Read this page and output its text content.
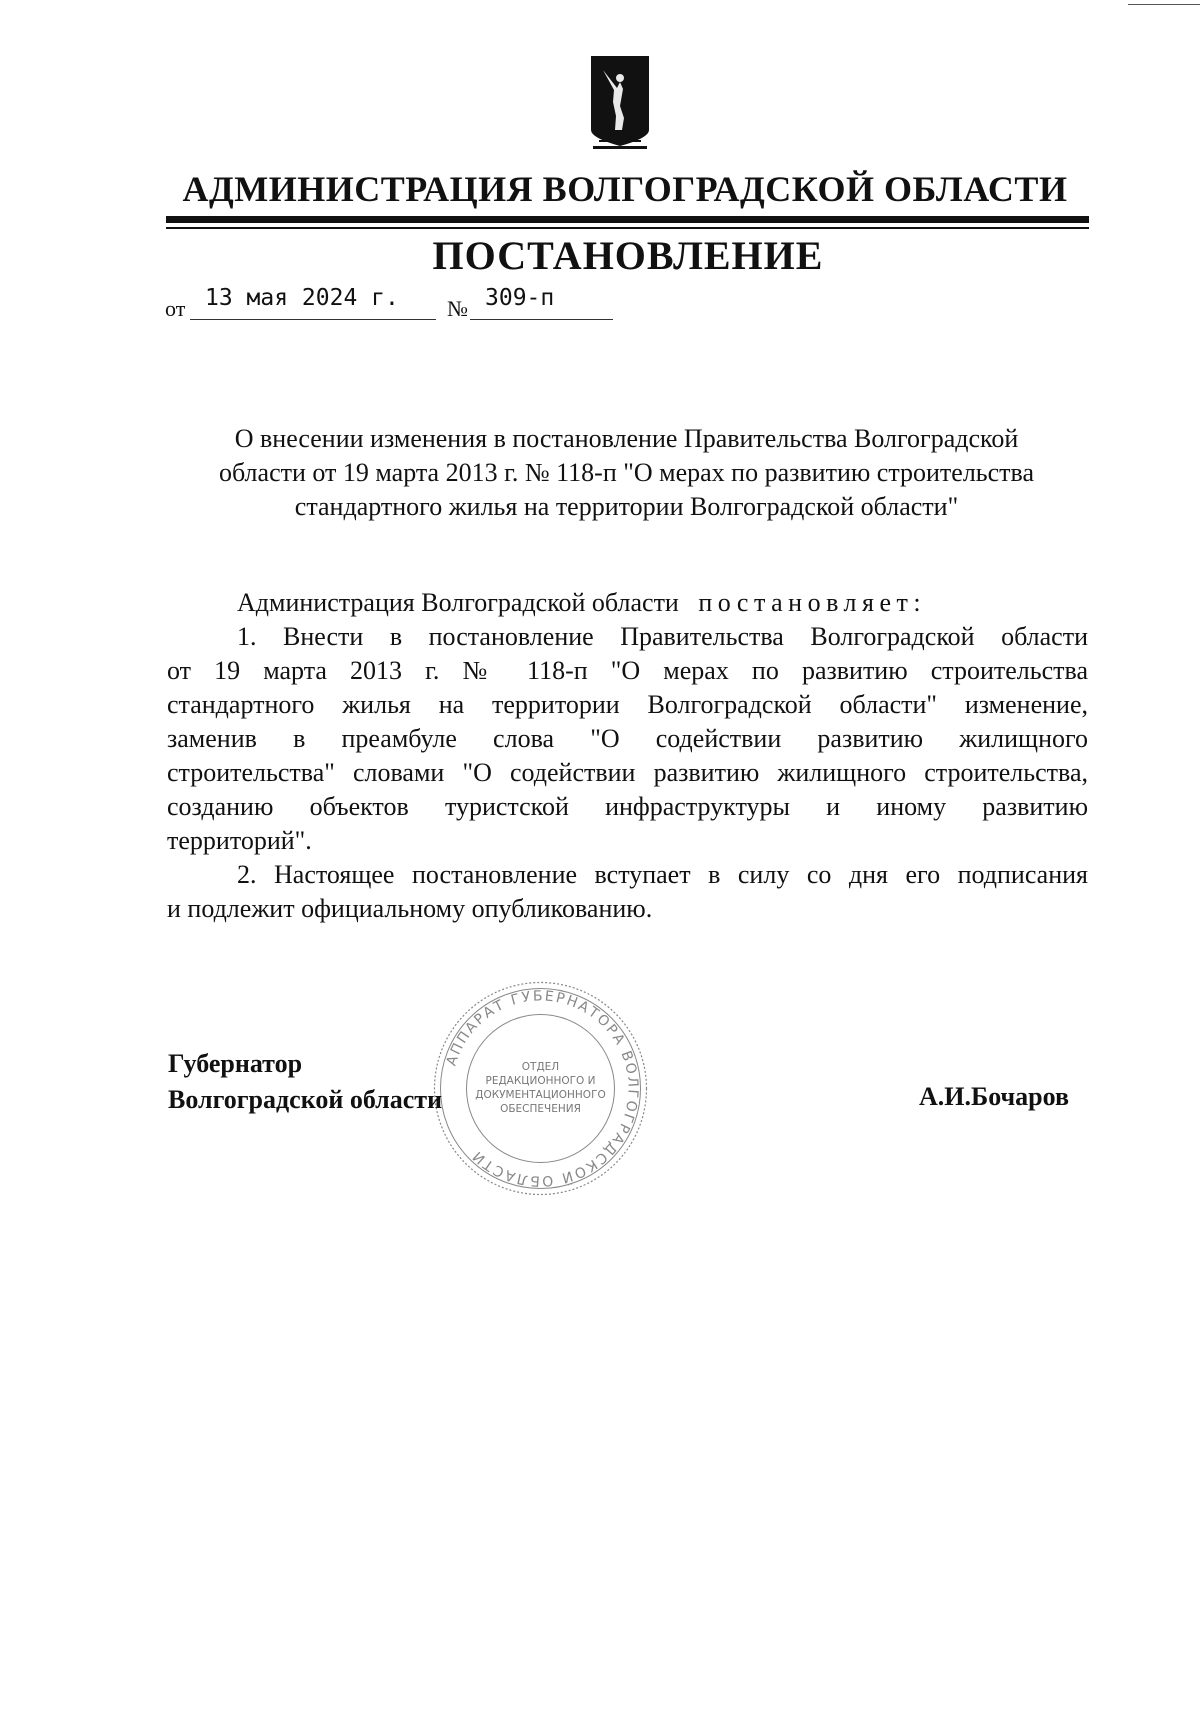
АДМИНИСТРАЦИЯ ВОЛГОГРАДСКОЙ ОБЛАСТИ
ПОСТАНОВЛЕНИЕ
от 13 мая 2024 г. № 309-п
О внесении изменения в постановление Правительства Волгоградской
области от 19 марта 2013 г. № 118-п "О мерах по развитию строительства
стандартного жилья на территории Волгоградской области"
Администрация Волгоградской области постановляет:
1. Внести в постановление Правительства Волгоградской области
от 19 марта 2013 г. № 118-п "О мерах по развитию строительства
стандартного жилья на территории Волгоградской области" изменение,
заменив в преамбуле слова "О содействии развитию жилищного
строительства" словами "О содействии развитию жилищного строительства,
созданию объектов туристской инфраструктуры и иному развитию
территорий".
2. Настоящее постановление вступает в силу со дня его подписания
и подлежит официальному опубликованию.
АППАРАТ ГУБЕРНАТОРА ВОЛГОГРАДСКОЙ ОБЛАСТИ
ОТДЕЛ
РЕДАКЦИОННОГО И
ДОКУМЕНТАЦИОННОГО
ОБЕСПЕЧЕНИЯ
Губернатор
Волгоградской области	А.И.Бочаров
